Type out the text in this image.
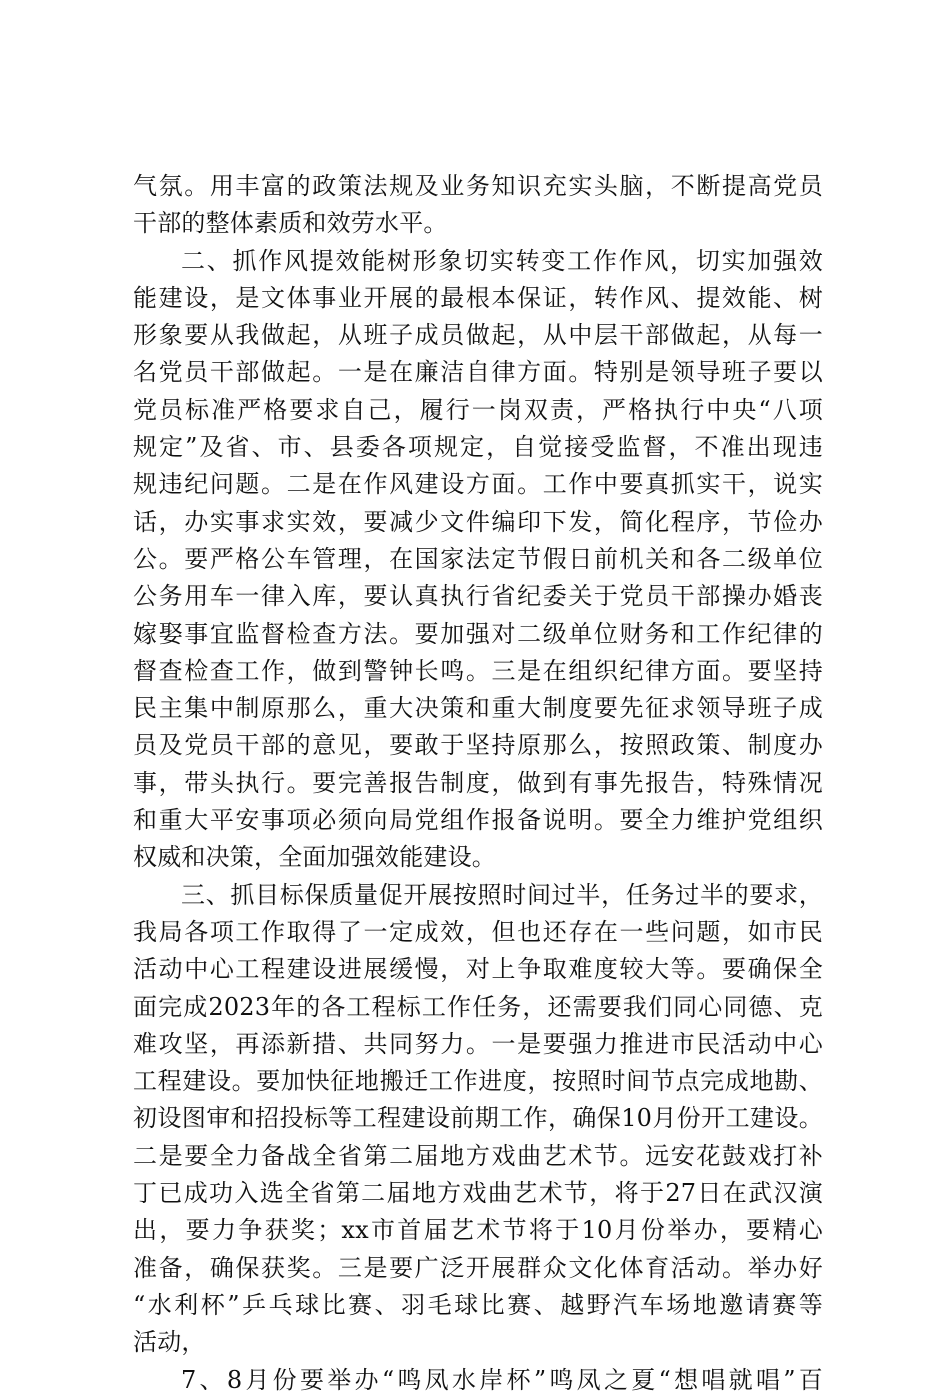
气氛。用丰富的政策法规及业务知识充实头脑，不断提高党员
干部的整体素质和效劳水平。
二、抓作风提效能树形象切实转变工作作风，切实加强效
能建设，是文体事业开展的最根本保证，转作风、提效能、树
形象要从我做起，从班子成员做起，从中层干部做起，从每一
名党员干部做起。一是在廉洁自律方面。特别是领导班子要以
党员标准严格要求自己，履行一岗双责，严格执行中央“八项
规定”及省、市、县委各项规定，自觉接受监督，不准出现违
规违纪问题。二是在作风建设方面。工作中要真抓实干，说实
话，办实事求实效，要减少文件编印下发，简化程序，节俭办
公。要严格公车管理，在国家法定节假日前机关和各二级单位
公务用车一律入库，要认真执行省纪委关于党员干部操办婚丧
嫁娶事宜监督检查方法。要加强对二级单位财务和工作纪律的
督查检查工作，做到警钟长鸣。三是在组织纪律方面。要坚持
民主集中制原那么，重大决策和重大制度要先征求领导班子成
员及党员干部的意见，要敢于坚持原那么，按照政策、制度办
事，带头执行。要完善报告制度，做到有事先报告，特殊情况
和重大平安事项必须向局党组作报备说明。要全力维护党组织
权威和决策，全面加强效能建设。
三、抓目标保质量促开展按照时间过半，任务过半的要求，
我局各项工作取得了一定成效，但也还存在一些问题，如市民
活动中心工程建设进展缓慢，对上争取难度较大等。要确保全
面完成2023年的各工程标工作任务，还需要我们同心同德、克
难攻坚，再添新措、共同努力。一是要强力推进市民活动中心
工程建设。要加快征地搬迁工作进度，按照时间节点完成地勘、
初设图审和招投标等工程建设前期工作，确保10月份开工建设。
二是要全力备战全省第二届地方戏曲艺术节。远安花鼓戏打补
丁已成功入选全省第二届地方戏曲艺术节，将于27日在武汉演
出，要力争获奖；xx市首届艺术节将于10月份举办，要精心
准备，确保获奖。三是要广泛开展群众文化体育活动。举办好
“水利杯”乒乓球比赛、羽毛球比赛、越野汽车场地邀请赛等
活动，
7、8月份要举办“鸣凤水岸杯”鸣凤之夏“想唱就唱”百
